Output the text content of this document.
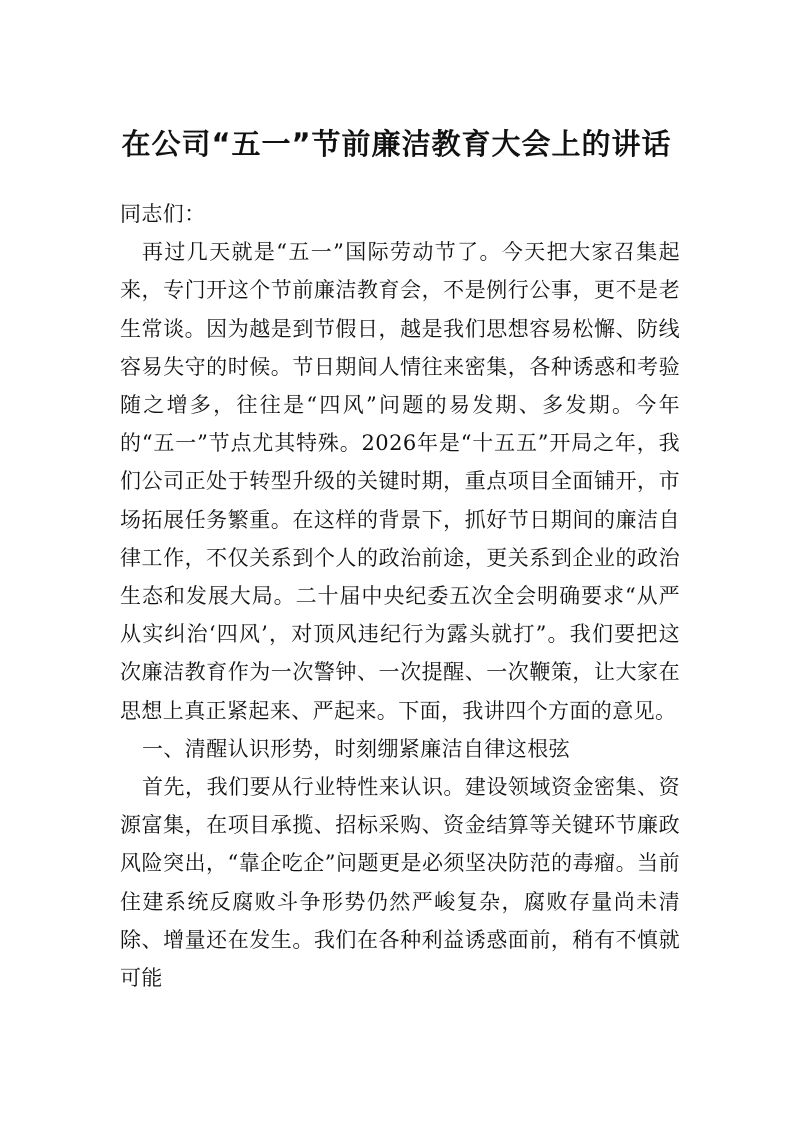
在公司“五一”节前廉洁教育大会上的讲话

同志们：

再过几天就是“五一”国际劳动节了。今天把大家召集起来，专门开这个节前廉洁教育会，不是例行公事，更不是老生常谈。因为越是到节假日，越是我们思想容易松懈、防线容易失守的时候。节日期间人情往来密集，各种诱惑和考验随之增多，往往是“四风”问题的易发期、多发期。今年的“五一”节点尤其特殊。2026年是“十五五”开局之年，我们公司正处于转型升级的关键时期，重点项目全面铺开，市场拓展任务繁重。在这样的背景下，抓好节日期间的廉洁自律工作，不仅关系到个人的政治前途，更关系到企业的政治生态和发展大局。二十届中央纪委五次全会明确要求“从严从实纠治‘四风’，对顶风违纪行为露头就打”。我们要把这次廉洁教育作为一次警钟、一次提醒、一次鞭策，让大家在思想上真正紧起来、严起来。下面，我讲四个方面的意见。

一、清醒认识形势，时刻绷紧廉洁自律这根弦

首先，我们要从行业特性来认识。建设领域资金密集、资源富集，在项目承揽、招标采购、资金结算等关键环节廉政风险突出，“靠企吃企”问题更是必须坚决防范的毒瘤。当前住建系统反腐败斗争形势仍然严峻复杂，腐败存量尚未清除、增量还在发生。我们在各种利益诱惑面前，稍有不慎就可能
